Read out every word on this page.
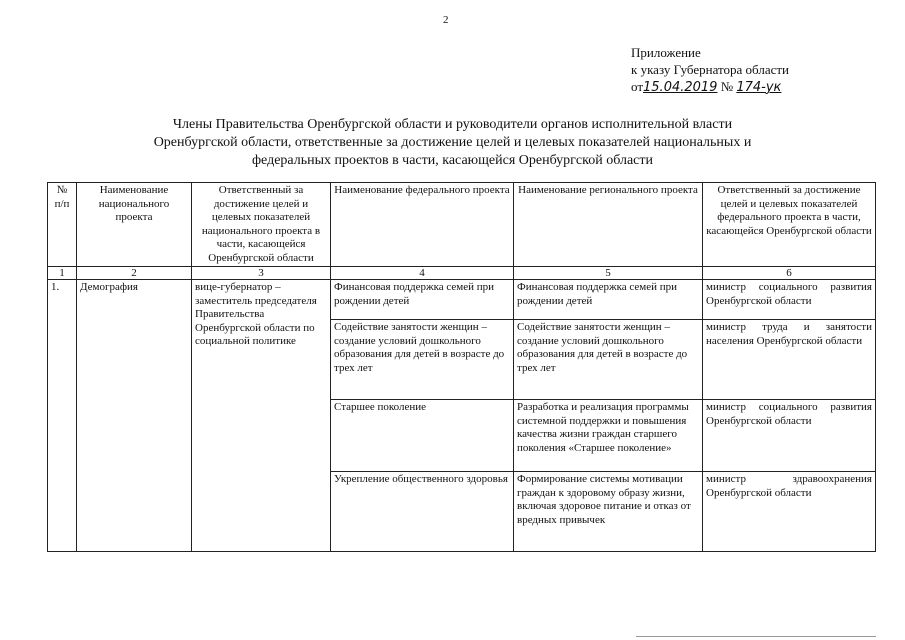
2
Приложение
к указу Губернатора области
от15.04.2019 № 174-ук
Члены Правительства Оренбургской области и руководители органов исполнительной власти
Оренбургской области, ответственные за достижение целей и целевых показателей национальных и
федеральных проектов в части, касающейся Оренбургской области
№ п/п	Наименование национального проекта	Ответственный за достижение целей и целевых показателей национального проекта в части, касающейся Оренбургской области	Наименование федерального проекта	Наименование регионального проекта	Ответственный за достижение целей и целевых показателей федерального проекта в части, касающейся Оренбургской области
1	2	3	4	5	6
1.	Демография	вице-губернатор – заместитель председателя Правительства Оренбургской области по социальной политике	Финансовая поддержка семей при рождении детей	Финансовая поддержка семей при рождении детей	министр социального развития Оренбургской области
			Содействие занятости женщин – создание условий дошкольного образования для детей в возрасте до трех лет	Содействие занятости женщин – создание условий дошкольного образования для детей в возрасте до трех лет	министр труда и занятости населения Оренбургской области
			Старшее поколение	Разработка и реализация программы системной поддержки и повышения качества жизни граждан старшего поколения «Старшее поколение»	министр социального развития Оренбургской области
			Укрепление общественного здоровья	Формирование системы мотивации граждан к здоровому образу жизни, включая здоровое питание и отказ от вредных привычек	министр здравоохранения Оренбургской области
